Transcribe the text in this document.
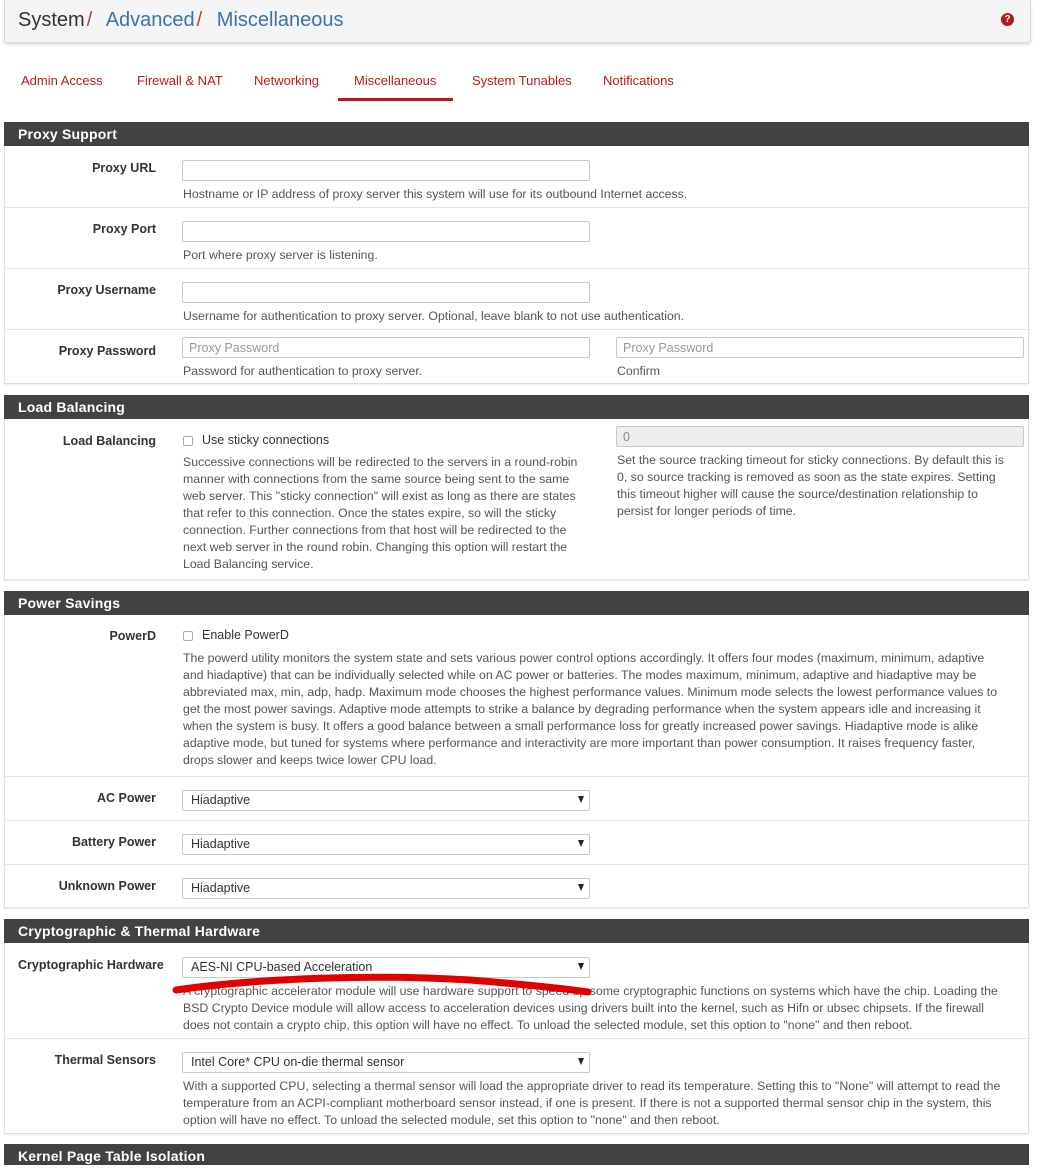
System / Advanced / Miscellaneous	?
Admin Access	Firewall & NAT Networking	Miscellaneous	System Tunables Notifications
Proxy Support
Proxy URL
Hostname or IP address of proxy server this system will use for its outbound Internet access.
Proxy Port
Port where proxy server is listening.
Proxy Username
Username for authentication to proxy server. Optional, leave blank to not use authentication.
Proxy Password
Password for authentication to proxy server.	Confirm
Load Balancing
Load Balancing	Use sticky connections
Successive connections will be redirected to the servers in a round-robin
manner with connections from the same source being sent to the same
web server. This "sticky connection" will exist as long as there are states
that refer to this connection. Once the states expire, so will the sticky
connection. Further connections from that host will be redirected to the
next web server in the round robin. Changing this option will restart the
Load Balancing service.
0
Set the source tracking timeout for sticky connections. By default this is
0, so source tracking is removed as soon as the state expires. Setting
this timeout higher will cause the source/destination relationship to
persist for longer periods of time.
Power Savings
PowerD	Enable PowerD
The powerd utility monitors the system state and sets various power control options accordingly. It offers four modes (maximum, minimum, adaptive
and hiadaptive) that can be individually selected while on AC power or batteries. The modes maximum, minimum, adaptive and hiadaptive may be
abbreviated max, min, adp, hadp. Maximum mode chooses the highest performance values. Minimum mode selects the lowest performance values to
get the most power savings. Adaptive mode attempts to strike a balance by degrading performance when the system appears idle and increasing it
when the system is busy. It offers a good balance between a small performance loss for greatly increased power savings. Hiadaptive mode is alike
adaptive mode, but tuned for systems where performance and interactivity are more important than power consumption. It raises frequency faster,
drops slower and keeps twice lower CPU load.
AC Power	Hiadaptive
Battery Power	Hiadaptive
Unknown Power	Hiadaptive
Cryptographic & Thermal Hardware
Cryptographic Hardware	AES-NI CPU-based Acceleration
A cryptographic accelerator module will use hardware support to speed up some cryptographic functions on systems which have the chip. Loading the
BSD Crypto Device module will allow access to acceleration devices using drivers built into the kernel, such as Hifn or ubsec chipsets. If the firewall
does not contain a crypto chip, this option will have no effect. To unload the selected module, set this option to "none" and then reboot.
Thermal Sensors	Intel Core* CPU on-die thermal sensor
With a supported CPU, selecting a thermal sensor will load the appropriate driver to read its temperature. Setting this to "None" will attempt to read the
temperature from an ACPI-compliant motherboard sensor instead, if one is present. If there is not a supported thermal sensor chip in the system, this
option will have no effect. To unload the selected module, set this option to "none" and then reboot.
Kernel Page Table Isolation
